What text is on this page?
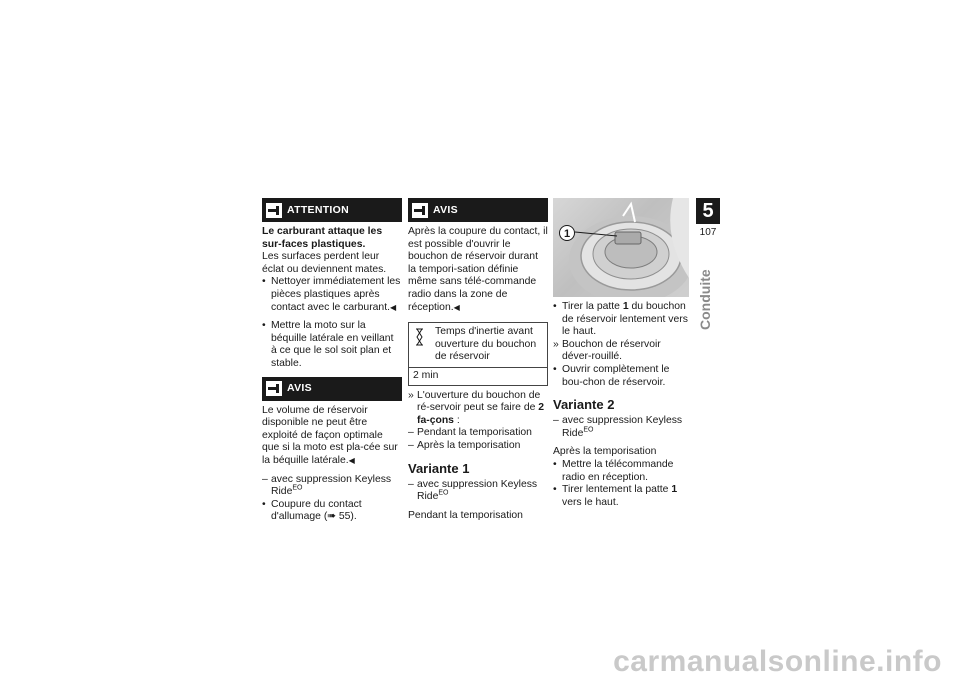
ATTENTION

Le carburant attaque les sur-faces plastiques.

Les surfaces perdent leur éclat ou deviennent mates.

• Nettoyer immédiatement les pièces plastiques après contact avec le carburant.◀
• Mettre la moto sur la béquille latérale en veillant à ce que le sol soit plan et stable.
AVIS

Le volume de réservoir disponible ne peut être exploité de façon optimale que si la moto est pla-cée sur la béquille latérale.◀

– avec suppression Keyless Ride$^{EO}$
• Coupure du contact d'allumage (➠ 55).
AVIS

Après la coupure du contact, il est possible d'ouvrir le bouchon de réservoir durant la tempori-sation définie même sans télé-commande radio dans la zone de réception.◀

Temps d'inertie avant ouverture du bouchon de réservoir
2 min
» L'ouverture du bouchon de ré-servoir peut se faire de 2 fa-çons :
– Pendant la temporisation
– Après la temporisation
Variante 1
– avec suppression Keyless Ride$^{EO}$

Pendant la temporisation

1
• Tirer la patte 1 du bouchon de réservoir lentement vers le haut.
» Bouchon de réservoir déver-rouillé.
• Ouvrir complètement le bou-chon de réservoir.
Variante 2
– avec suppression Keyless Ride$^{EO}$

Après la temporisation

• Mettre la télécommande radio en réception.
• Tirer lentement la patte 1 vers le haut.
5
107
Conduite
carmanualsonline.info
